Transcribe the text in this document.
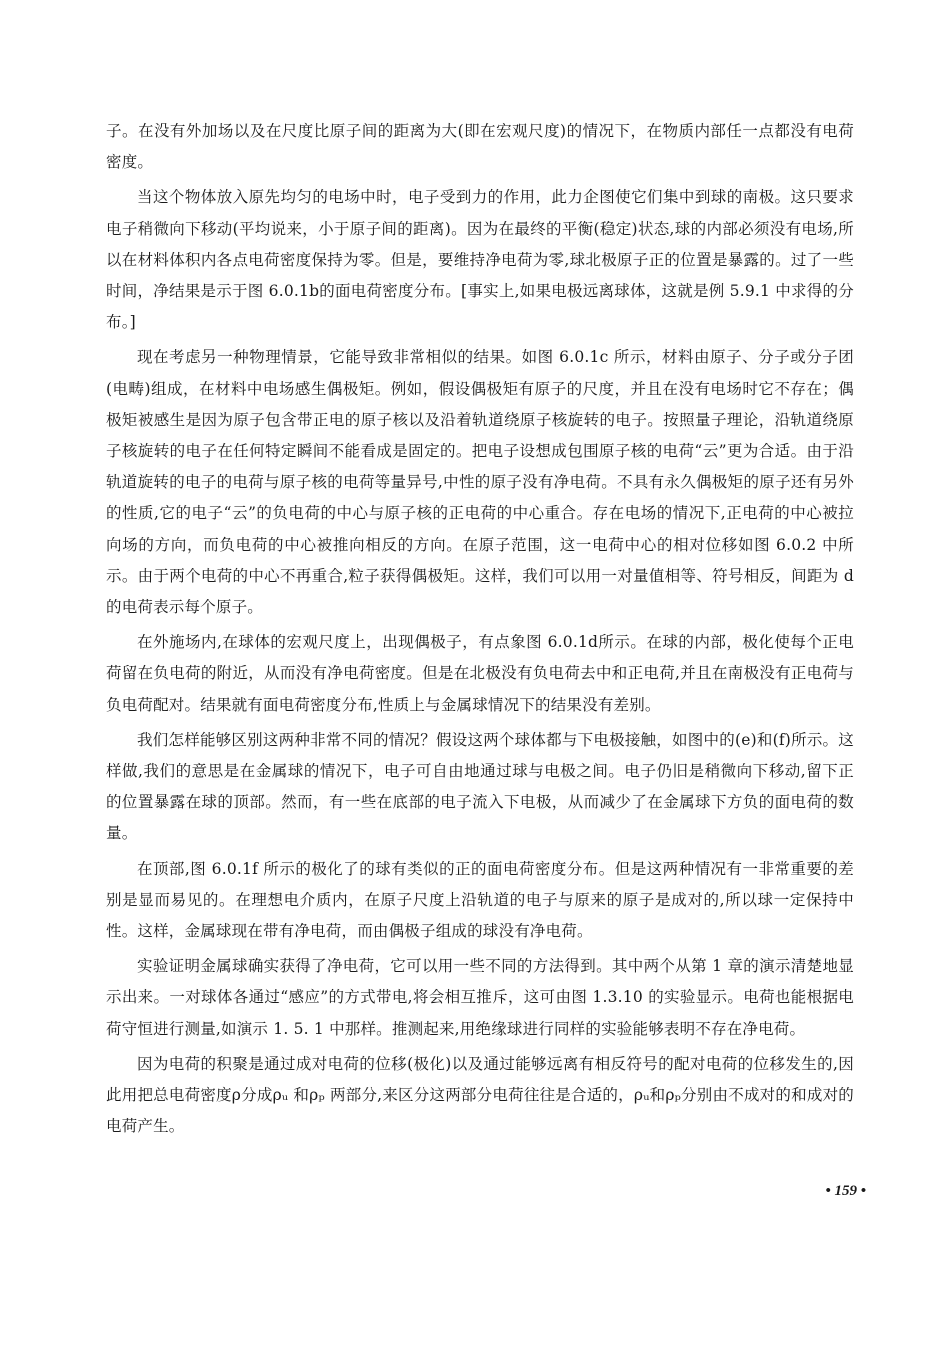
子。在没有外加场以及在尺度比原子间的距离为大(即在宏观尺度)的情况下，在物质内部任一点都没有电荷密度。

当这个物体放入原先均匀的电场中时，电子受到力的作用，此力企图使它们集中到球的南极。这只要求电子稍微向下移动(平均说来，小于原子间的距离)。因为在最终的平衡(稳定)状态,球的内部必须没有电场,所以在材料体积内各点电荷密度保持为零。但是，要维持净电荷为零,球北极原子正的位置是暴露的。过了一些时间，净结果是示于图 6.0.1b的面电荷密度分布。[事实上,如果电极远离球体，这就是例 5.9.1 中求得的分布。]

现在考虑另一种物理情景，它能导致非常相似的结果。如图 6.0.1c 所示，材料由原子、分子或分子团(电畴)组成，在材料中电场感生偶极矩。例如，假设偶极矩有原子的尺度，并且在没有电场时它不存在；偶极矩被感生是因为原子包含带正电的原子核以及沿着轨道绕原子核旋转的电子。按照量子理论，沿轨道绕原子核旋转的电子在任何特定瞬间不能看成是固定的。把电子设想成包围原子核的电荷“云”更为合适。由于沿轨道旋转的电子的电荷与原子核的电荷等量异号,中性的原子没有净电荷。不具有永久偶极矩的原子还有另外的性质,它的电子“云”的负电荷的中心与原子核的正电荷的中心重合。存在电场的情况下,正电荷的中心被拉向场的方向，而负电荷的中心被推向相反的方向。在原子范围，这一电荷中心的相对位移如图 6.0.2 中所示。由于两个电荷的中心不再重合,粒子获得偶极矩。这样，我们可以用一对量值相等、符号相反，间距为 d 的电荷表示每个原子。

在外施场内,在球体的宏观尺度上，出现偶极子，有点象图 6.0.1d所示。在球的内部，极化使每个正电荷留在负电荷的附近，从而没有净电荷密度。但是在北极没有负电荷去中和正电荷,并且在南极没有正电荷与负电荷配对。结果就有面电荷密度分布,性质上与金属球情况下的结果没有差别。

我们怎样能够区别这两种非常不同的情况？假设这两个球体都与下电极接触，如图中的(e)和(f)所示。这样做,我们的意思是在金属球的情况下，电子可自由地通过球与电极之间。电子仍旧是稍微向下移动,留下正的位置暴露在球的顶部。然而，有一些在底部的电子流入下电极，从而减少了在金属球下方负的面电荷的数量。

在顶部,图 6.0.1f 所示的极化了的球有类似的正的面电荷密度分布。但是这两种情况有一非常重要的差别是显而易见的。在理想电介质内，在原子尺度上沿轨道的电子与原来的原子是成对的,所以球一定保持中性。这样，金属球现在带有净电荷，而由偶极子组成的球没有净电荷。

实验证明金属球确实获得了净电荷，它可以用一些不同的方法得到。其中两个从第 1 章的演示清楚地显示出来。一对球体各通过“感应”的方式带电,将会相互推斥，这可由图 1.3.10 的实验显示。电荷也能根据电荷守恒进行测量,如演示 1. 5. 1 中那样。推测起来,用绝缘球进行同样的实验能够表明不存在净电荷。

因为电荷的积聚是通过成对电荷的位移(极化)以及通过能够远离有相反符号的配对电荷的位移发生的,因此用把总电荷密度ρ分成ρᵤ 和ρₚ 两部分,来区分这两部分电荷往往是合适的，ρᵤ和ρₚ分别由不成对的和成对的电荷产生。

• 159 •
